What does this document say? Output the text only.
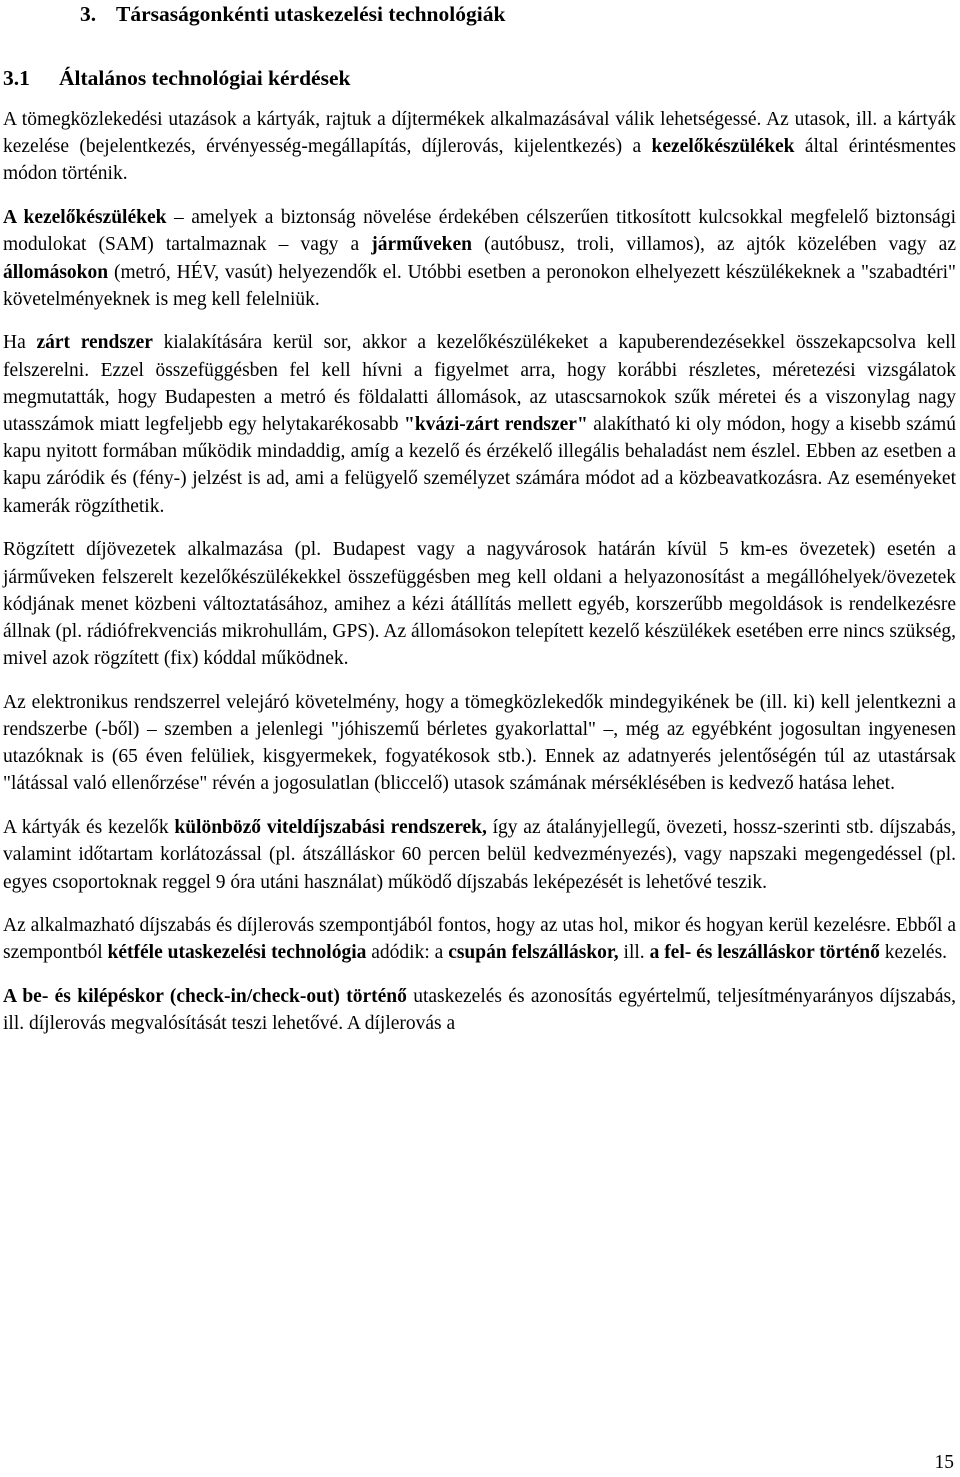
3. Társaságonkénti utaskezelési technológiák
3.1 Általános technológiai kérdések

A tömegközlekedési utazások a kártyák, rajtuk a díjtermékek alkalmazásával válik lehetségessé. Az utasok, ill. a kártyák kezelése (bejelentkezés, érvényesség-megállapítás, díjlerovás, kijelentkezés) a kezelőkészülékek által érintésmentes módon történik.

A kezelőkészülékek – amelyek a biztonság növelése érdekében célszerűen titkosított kulcsokkal megfelelő biztonsági modulokat (SAM) tartalmaznak – vagy a járműveken (autóbusz, troli, villamos), az ajtók közelében vagy az állomásokon (metró, HÉV, vasút) helyezendők el. Utóbbi esetben a peronokon elhelyezett készülékeknek a "szabadtéri" követelményeknek is meg kell felelniük.

Ha zárt rendszer kialakítására kerül sor, akkor a kezelőkészülékeket a kapuberendezésekkel összekapcsolva kell felszerelni. Ezzel összefüggésben fel kell hívni a figyelmet arra, hogy korábbi részletes, méretezési vizsgálatok megmutatták, hogy Budapesten a metró és földalatti állomások, az utascsarnokok szűk méretei és a viszonylag nagy utasszámok miatt legfeljebb egy helytakarékosabb "kvázi-zárt rendszer" alakítható ki oly módon, hogy a kisebb számú kapu nyitott formában működik mindaddig, amíg a kezelő és érzékelő illegális behaladást nem észlel. Ebben az esetben a kapu záródik és (fény-) jelzést is ad, ami a felügyelő személyzet számára módot ad a közbeavatkozásra. Az eseményeket kamerák rögzíthetik.

Rögzített díjövezetek alkalmazása (pl. Budapest vagy a nagyvárosok határán kívül 5 km-es övezetek) esetén a járműveken felszerelt kezelőkészülékekkel összefüggésben meg kell oldani a helyazonosítást a megállóhelyek/övezetek kódjának menet közbeni változtatásához, amihez a kézi átállítás mellett egyéb, korszerűbb megoldások is rendelkezésre állnak (pl. rádiófrekvenciás mikrohullám, GPS). Az állomásokon telepített kezelő készülékek esetében erre nincs szükség, mivel azok rögzített (fix) kóddal működnek.

Az elektronikus rendszerrel velejáró követelmény, hogy a tömegközlekedők mindegyikének be (ill. ki) kell jelentkezni a rendszerbe (-ből) – szemben a jelenlegi "jóhiszemű bérletes gyakorlattal" –, még az egyébként jogosultan ingyenesen utazóknak is (65 éven felüliek, kisgyermekek, fogyatékosok stb.). Ennek az adatnyerés jelentőségén túl az utastársak "látással való ellenőrzése" révén a jogosulatlan (bliccelő) utasok számának mérséklésében is kedvező hatása lehet.

A kártyák és kezelők különböző viteldíjszabási rendszerek, így az átalányjellegű, övezeti, hossz-szerinti stb. díjszabás, valamint időtartam korlátozással (pl. átszálláskor 60 percen belül kedvezményezés), vagy napszaki megengedéssel (pl. egyes csoportoknak reggel 9 óra utáni használat) működő díjszabás leképezését is lehetővé teszik.

Az alkalmazható díjszabás és díjlerovás szempontjából fontos, hogy az utas hol, mikor és hogyan kerül kezelésre. Ebből a szempontból kétféle utaskezelési technológia adódik: a csupán felszálláskor, ill. a fel- és leszálláskor történő kezelés.

A be- és kilépéskor (check-in/check-out) történő utaskezelés és azonosítás egyértelmű, teljesítményarányos díjszabás, ill. díjlerovás megvalósítását teszi lehetővé. A díjlerovás a

15
